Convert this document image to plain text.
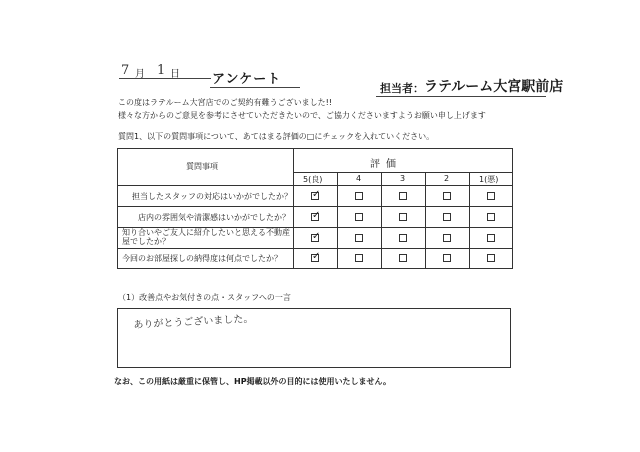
7 月 1 日 アンケート
担当者： ラテルーム大宮駅前店
この度はラテルーム大宮店でのご契約有難うございました!!
様々な方からのご意見を参考にさせていただきたいので、ご協力くださいますようお願い申し上げます
質問1、以下の質問事項について、あてはまる評価の□にチェックを入れていください。
質問事項	評価
5(良)	4	3	2	1(悪)
担当したスタッフの対応はいかがでしたか？ ✓
店内の雰囲気や清潔感はいかがでしたか？ ✓
知り合いやご友人に紹介したいと思える不動産屋でしたか？	✓
今回のお部屋探しの納得度は何点でしたか？	✓
（1）改善点やお気付きの点・スタッフへの一言
ありがとうございました。
なお、この用紙は厳重に保管し、HP掲載以外の目的には使用いたしません。
